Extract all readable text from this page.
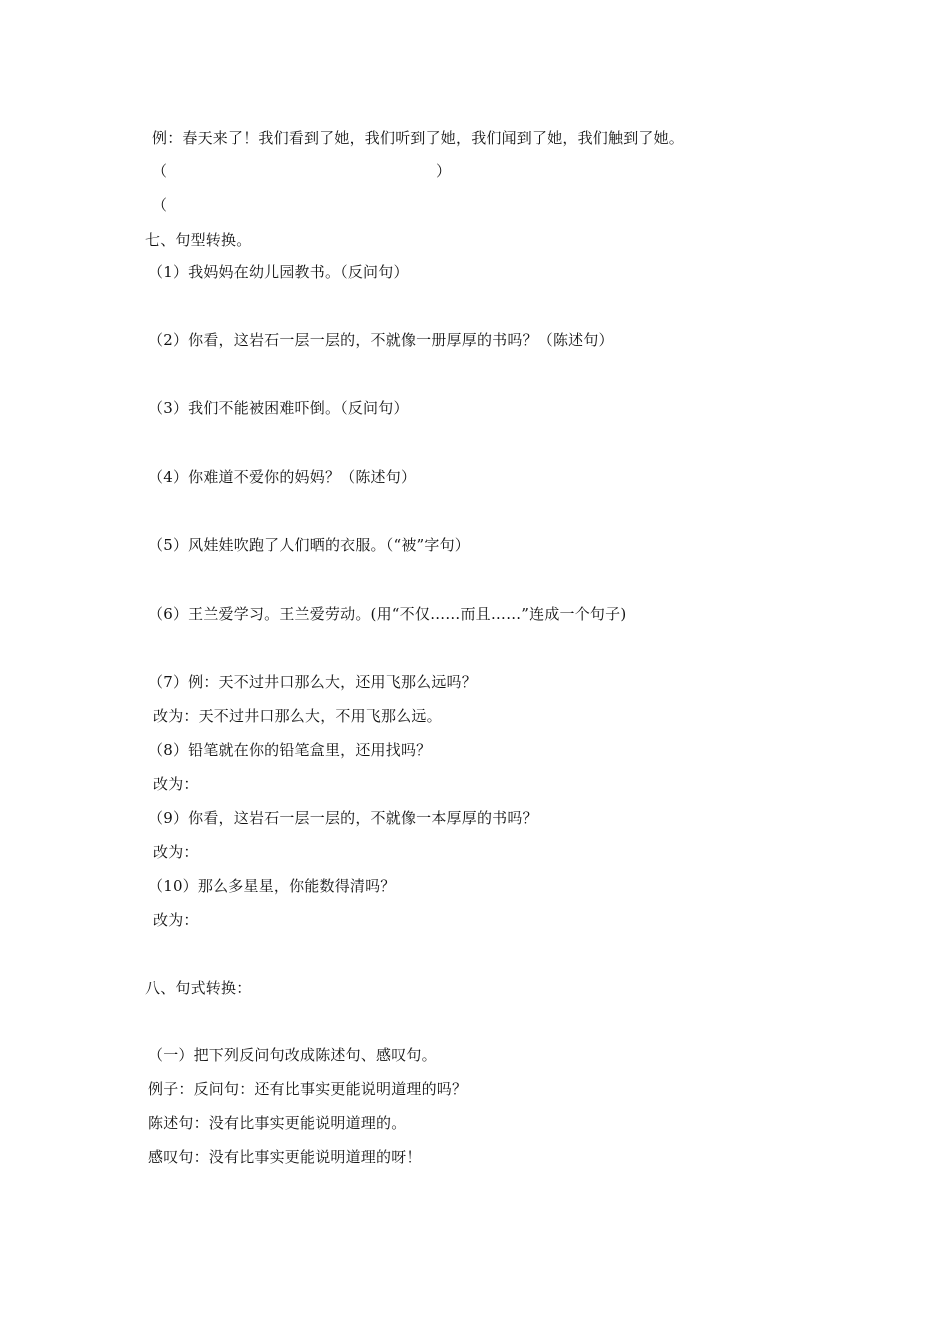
例：春天来了！我们看到了她，我们听到了她，我们闻到了她，我们触到了她。
（	）
（
七、句型转换。
（1）我妈妈在幼儿园教书。（反问句）
（2）你看，这岩石一层一层的，不就像一册厚厚的书吗？（陈述句）
（3）我们不能被困难吓倒。（反问句）
（4）你难道不爱你的妈妈？（陈述句）
（5）风娃娃吹跑了人们晒的衣服。（“被”字句）
（6）王兰爱学习。王兰爱劳动。(用“不仅……而且……”连成一个句子)
（7）例：天不过井口那么大，还用飞那么远吗？
改为：天不过井口那么大，不用飞那么远。
（8）铅笔就在你的铅笔盒里，还用找吗？
改为：
（9）你看，这岩石一层一层的，不就像一本厚厚的书吗？
改为：
（10）那么多星星，你能数得清吗？
改为：
八、句式转换：
（一）把下列反问句改成陈述句、感叹句。
例子：反问句：还有比事实更能说明道理的吗？
陈述句：没有比事实更能说明道理的。
感叹句：没有比事实更能说明道理的呀！
